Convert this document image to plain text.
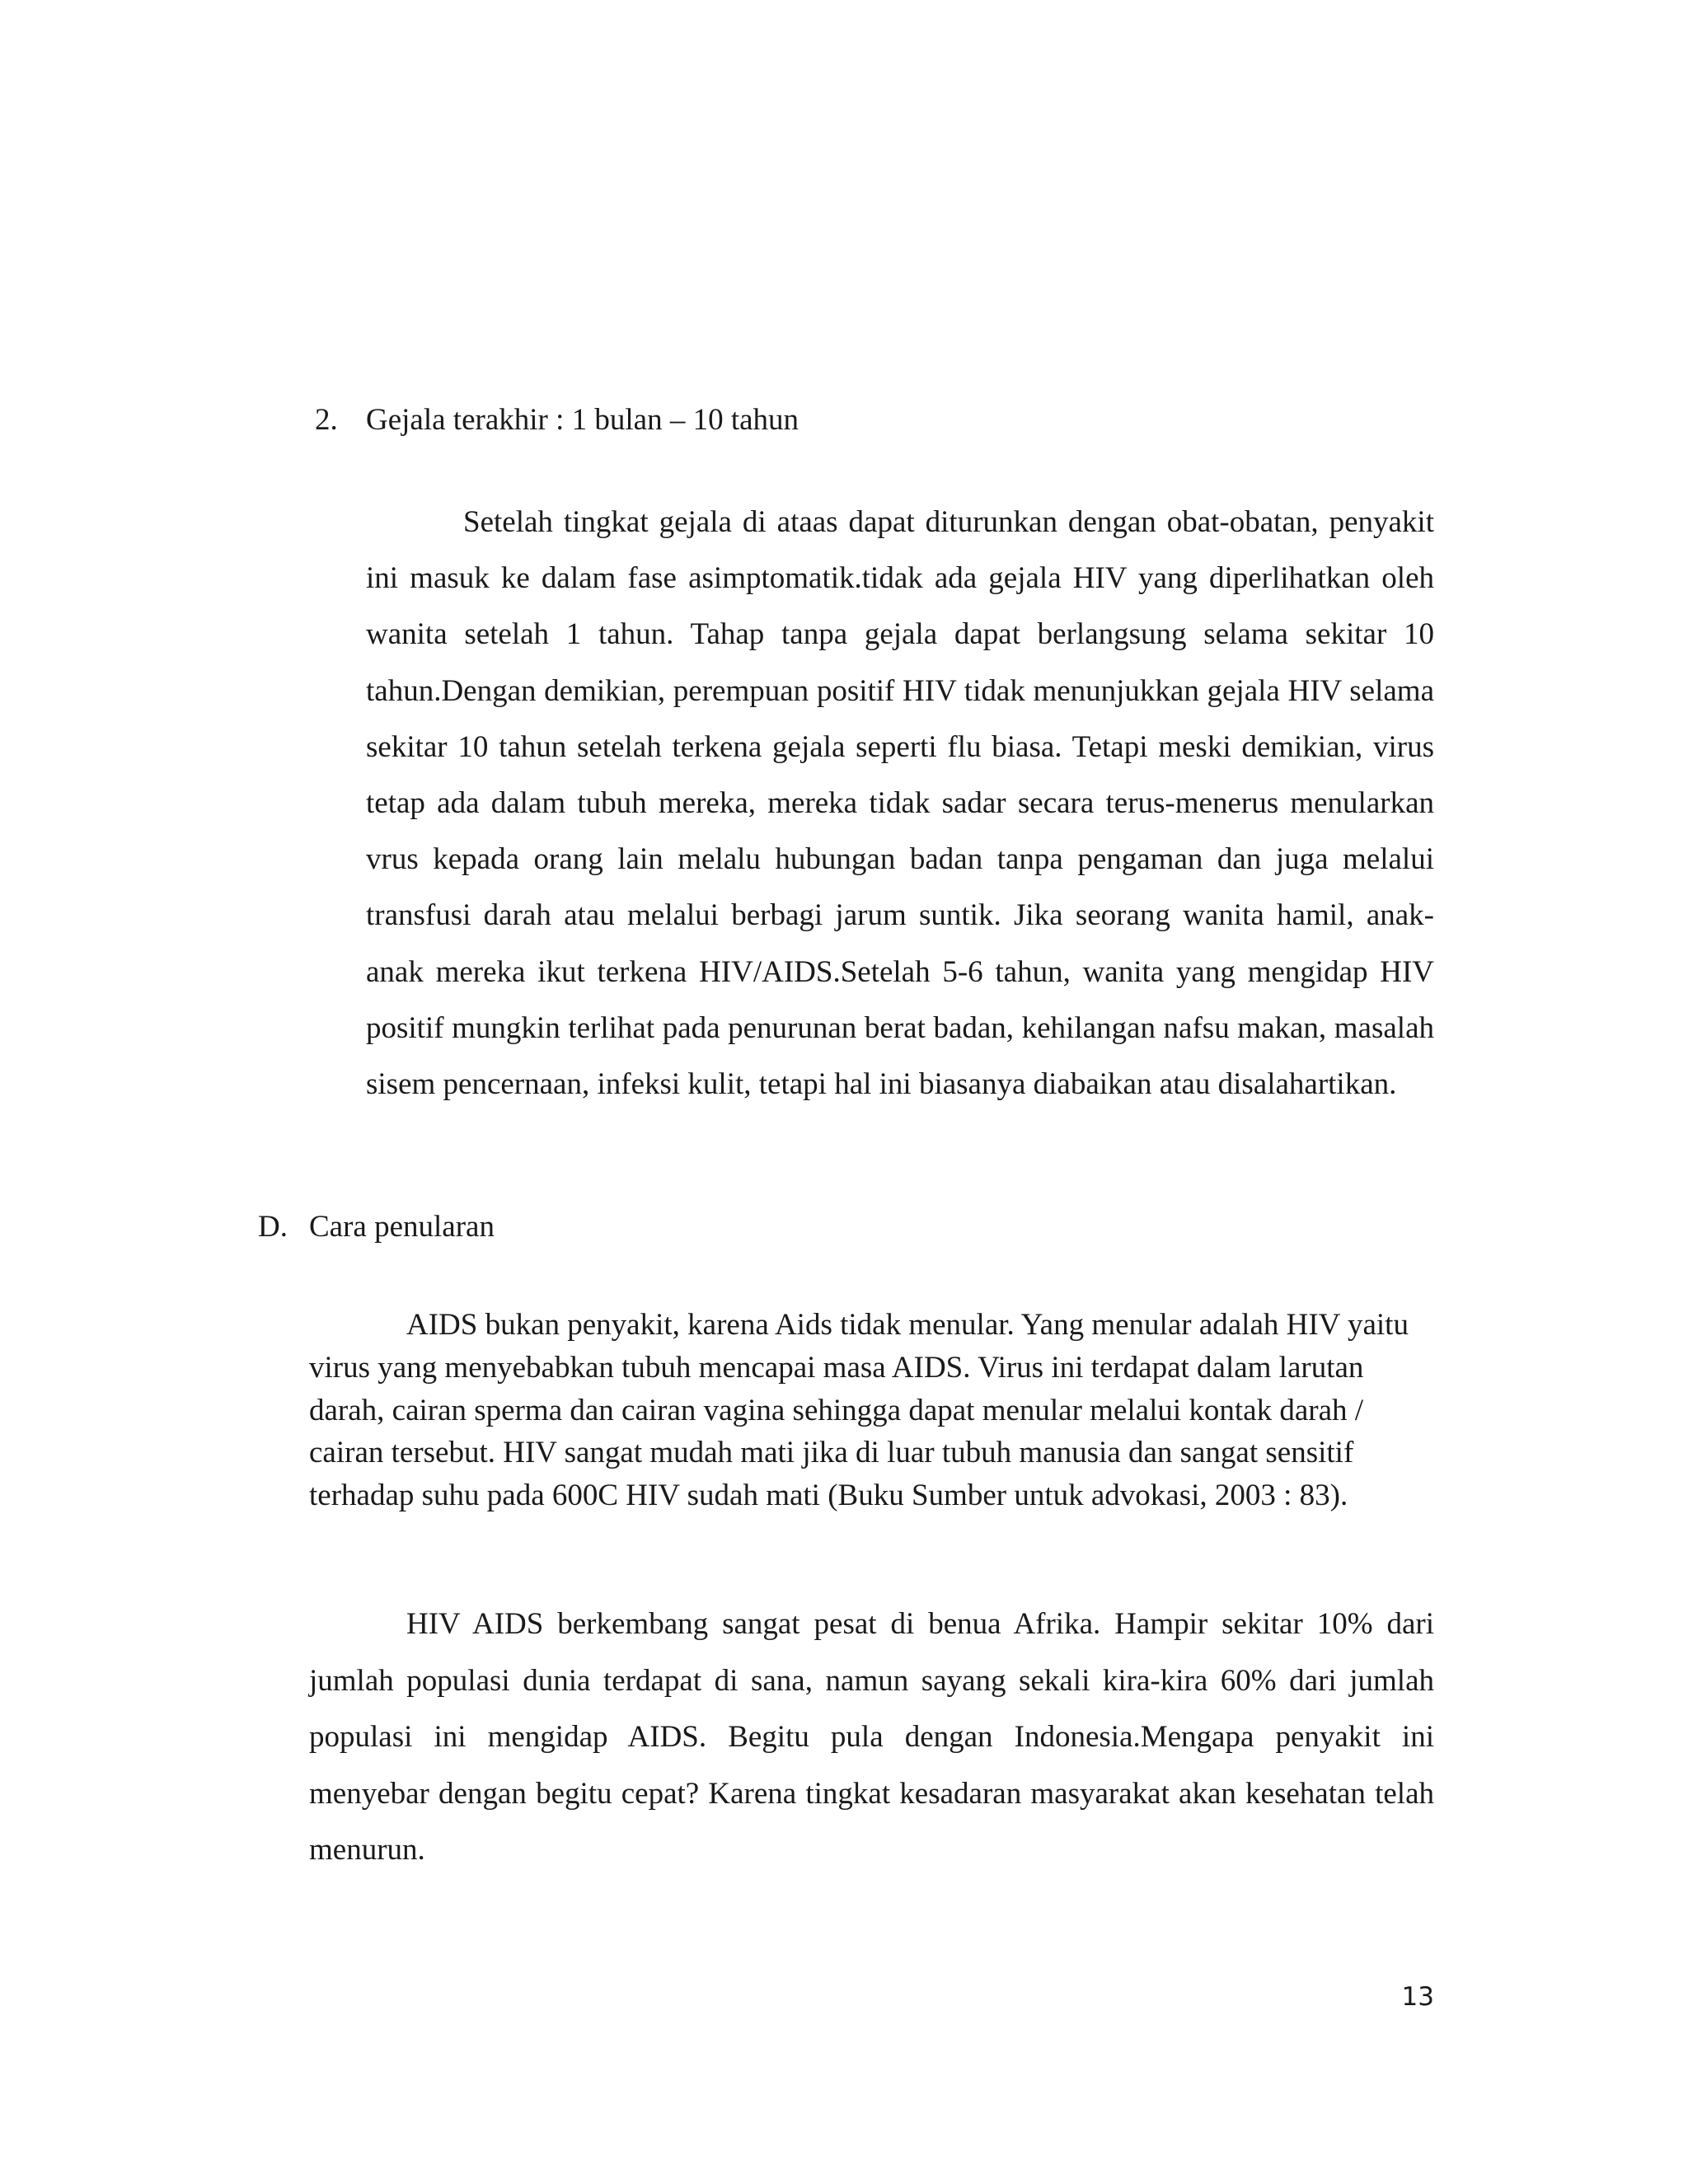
2. Gejala terakhir : 1 bulan – 10 tahun

Setelah tingkat gejala di ataas dapat diturunkan dengan obat-obatan, penyakit ini masuk ke dalam fase asimptomatik.tidak ada gejala HIV yang diperlihatkan oleh wanita setelah 1 tahun. Tahap tanpa gejala dapat berlangsung selama sekitar 10 tahun.Dengan demikian, perempuan positif HIV tidak menunjukkan gejala HIV selama sekitar 10 tahun setelah terkena gejala seperti flu biasa. Tetapi meski demikian, virus tetap ada dalam tubuh mereka, mereka tidak sadar secara terus-menerus menularkan vrus kepada orang lain melalu hubungan badan tanpa pengaman dan juga melalui transfusi darah atau melalui berbagi jarum suntik. Jika seorang wanita hamil, anak-anak mereka ikut terkena HIV/AIDS.Setelah 5-6 tahun, wanita yang mengidap HIV positif mungkin terlihat pada penurunan berat badan, kehilangan nafsu makan, masalah sisem pencernaan, infeksi kulit, tetapi hal ini biasanya diabaikan atau disalahartikan.

D. Cara penularan

AIDS bukan penyakit, karena Aids tidak menular. Yang menular adalah HIV yaitu virus yang menyebabkan tubuh mencapai masa AIDS. Virus ini terdapat dalam larutan darah, cairan sperma dan cairan vagina sehingga dapat menular melalui kontak darah / cairan tersebut. HIV sangat mudah mati jika di luar tubuh manusia dan sangat sensitif terhadap suhu pada 600C HIV sudah mati (Buku Sumber untuk advokasi, 2003 : 83).

HIV AIDS berkembang sangat pesat di benua Afrika. Hampir sekitar 10% dari jumlah populasi dunia terdapat di sana, namun sayang sekali kira-kira 60% dari jumlah populasi ini mengidap AIDS. Begitu pula dengan Indonesia.Mengapa penyakit ini menyebar dengan begitu cepat? Karena tingkat kesadaran masyarakat akan kesehatan telah menurun.

13
